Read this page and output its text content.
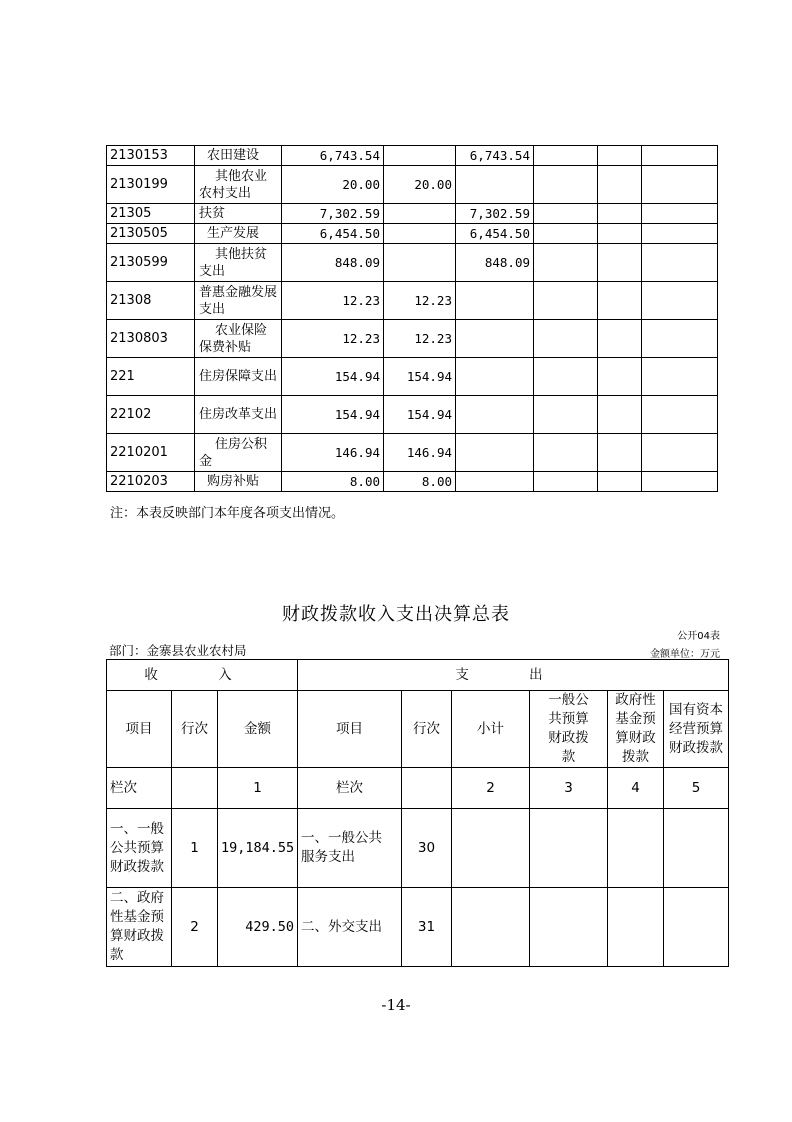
2130153	农田建设	6,743.54		6,743.54			
2130199	其他农业农村支出	20.00	20.00				
21305	扶贫	7,302.59		7,302.59			
2130505	生产发展	6,454.50		6,454.50			
2130599	其他扶贫支出	848.09		848.09			
21308	普惠金融发展支出	12.23	12.23				
2130803	农业保险保费补贴	12.23	12.23				
221	住房保障支出	154.94	154.94				
22102	住房改革支出	154.94	154.94				
2210201	住房公积金	146.94	146.94				
2210203	购房补贴	8.00	8.00				
注：本表反映部门本年度各项支出情况。
财政拨款收入支出决算总表
公开04表
部门：金寨县农业农村局	金额单位：万元
收 入			支 出					
项目	行次	金额	项目	行次	小计	一般公共预算财政拨款	政府性基金预算财政拨款	国有资本经营预算财政拨款
栏次		1	栏次		2	3	4	5
一、一般公共预算财政拨款	1	19,184.55	一、一般公共服务支出	30				
二、政府性基金预算财政拨款	2	429.50	二、外交支出	31				
-14-
